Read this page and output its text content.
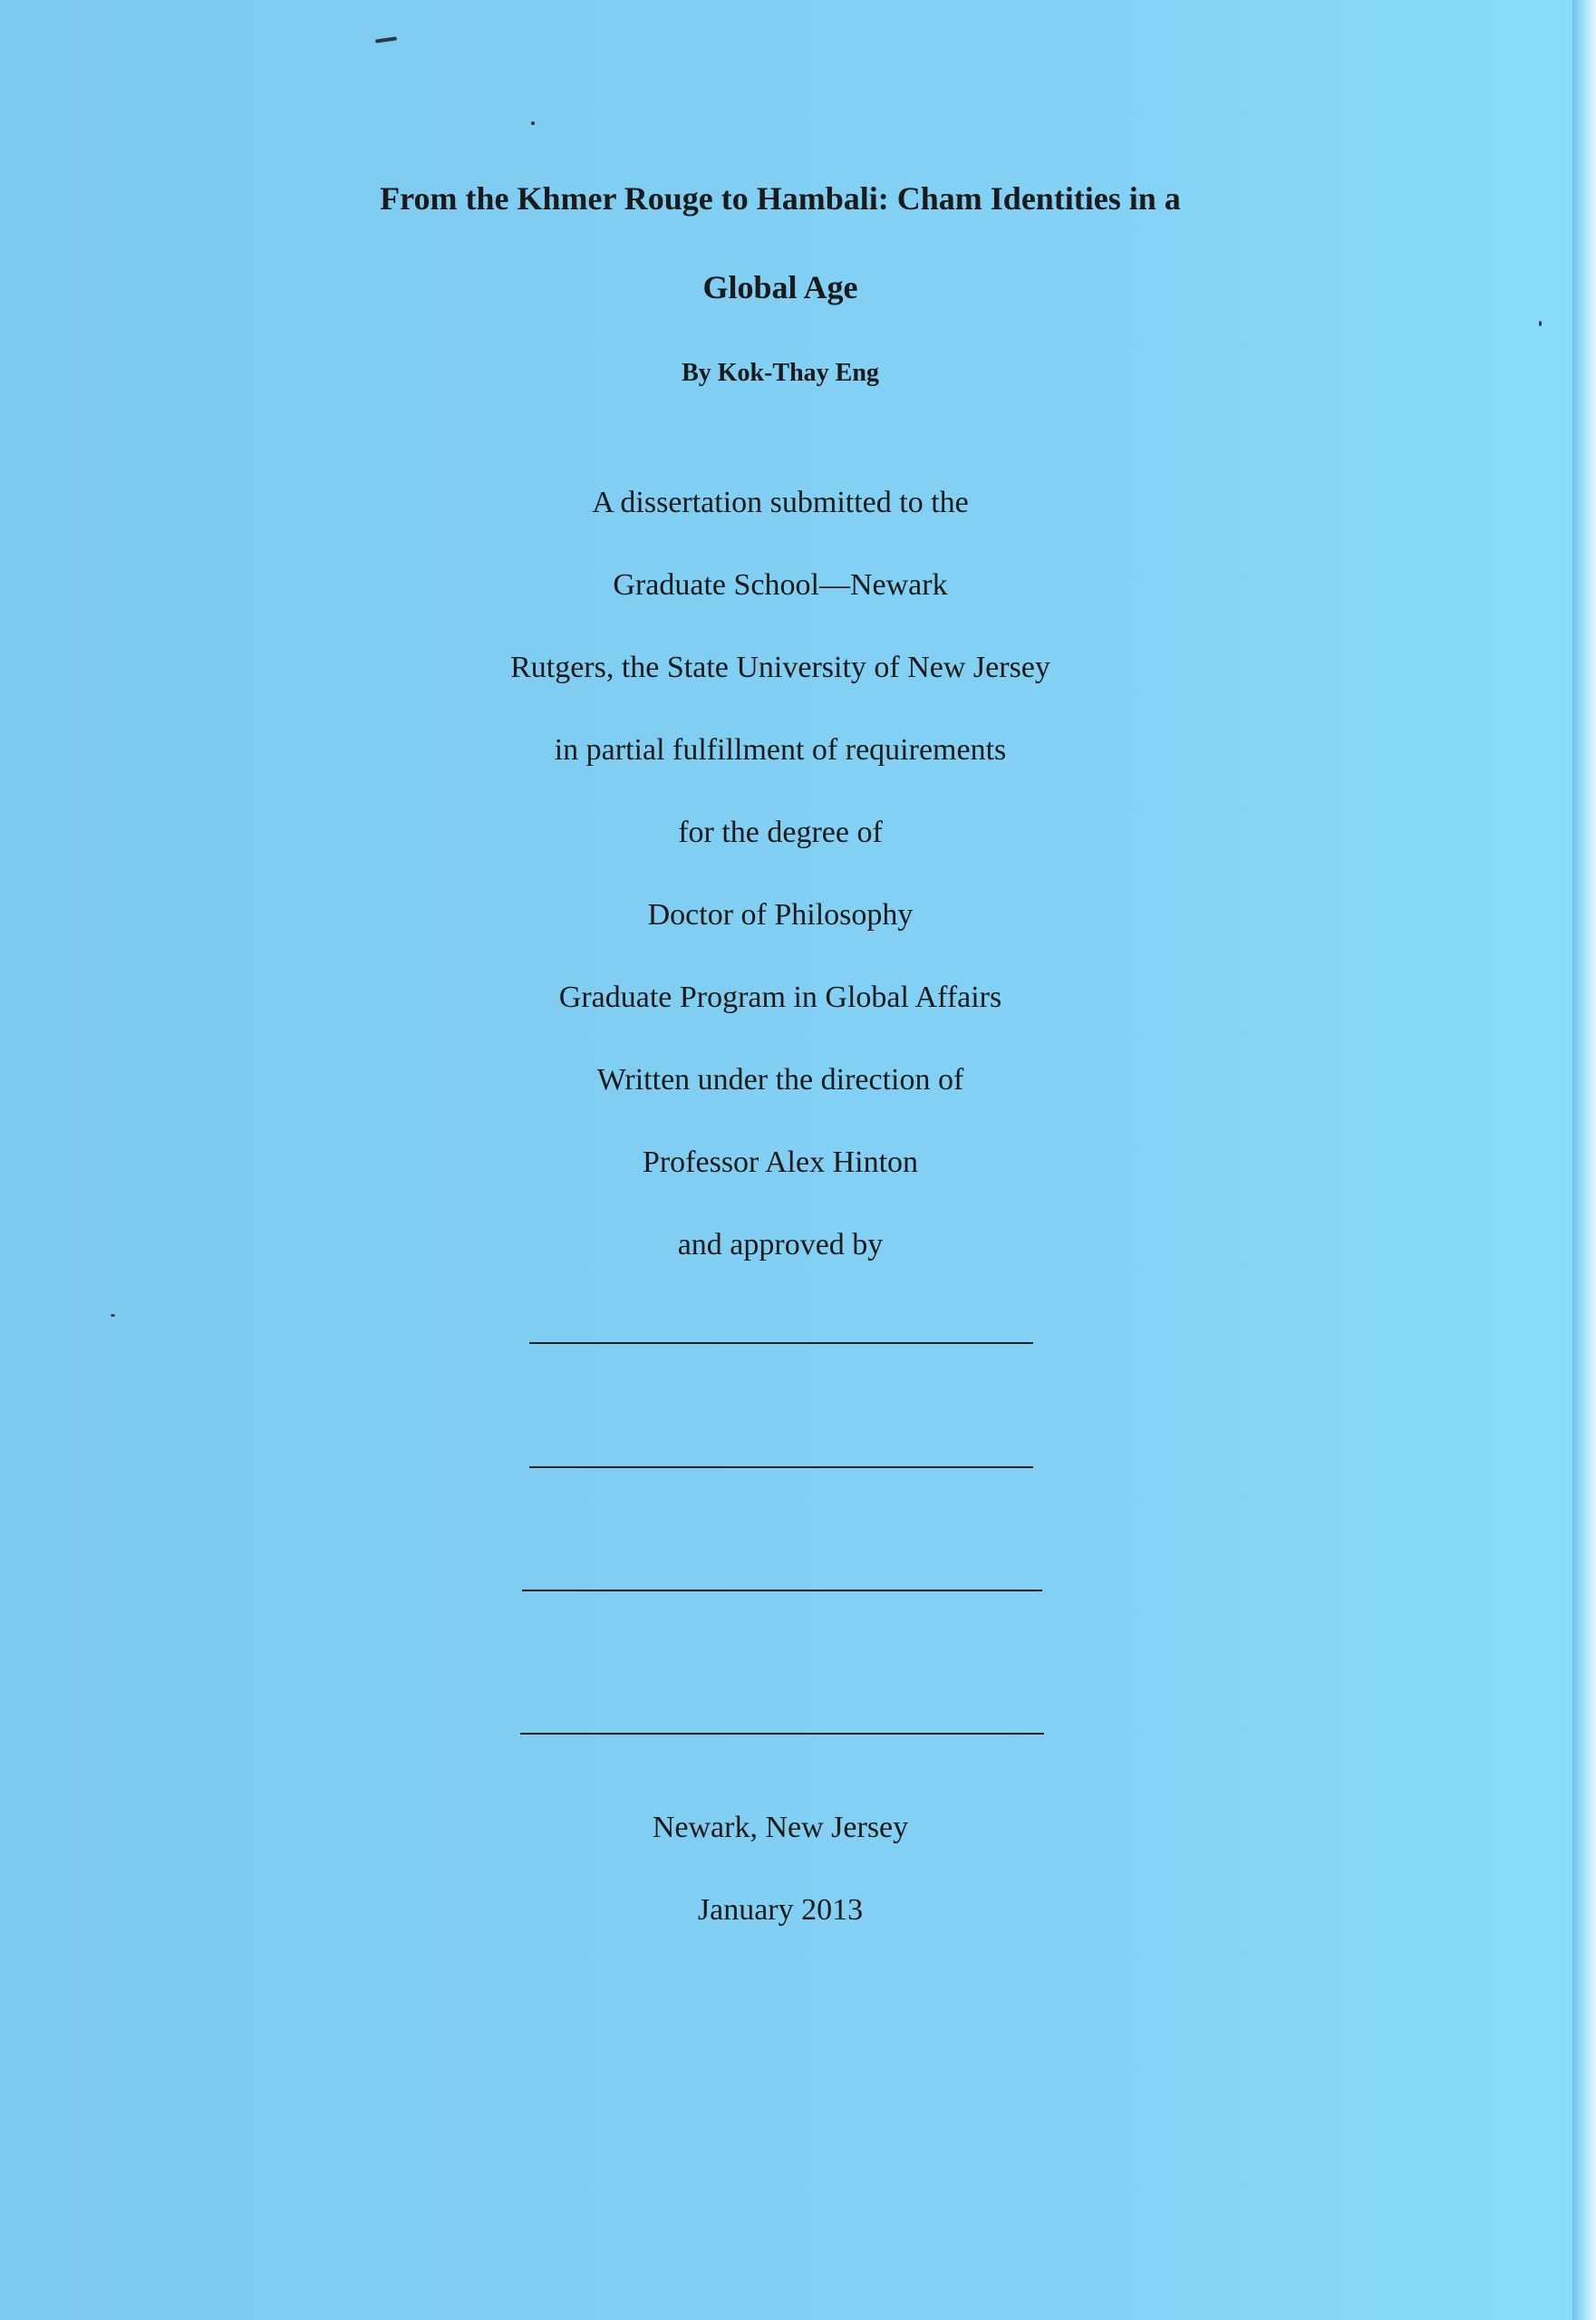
From the Khmer Rouge to Hambali: Cham Identities in a
Global Age
By Kok-Thay Eng
A dissertation submitted to the
Graduate School—Newark
Rutgers, the State University of New Jersey
in partial fulfillment of requirements
for the degree of
Doctor of Philosophy
Graduate Program in Global Affairs
Written under the direction of
Professor Alex Hinton
and approved by
Newark, New Jersey
January 2013
